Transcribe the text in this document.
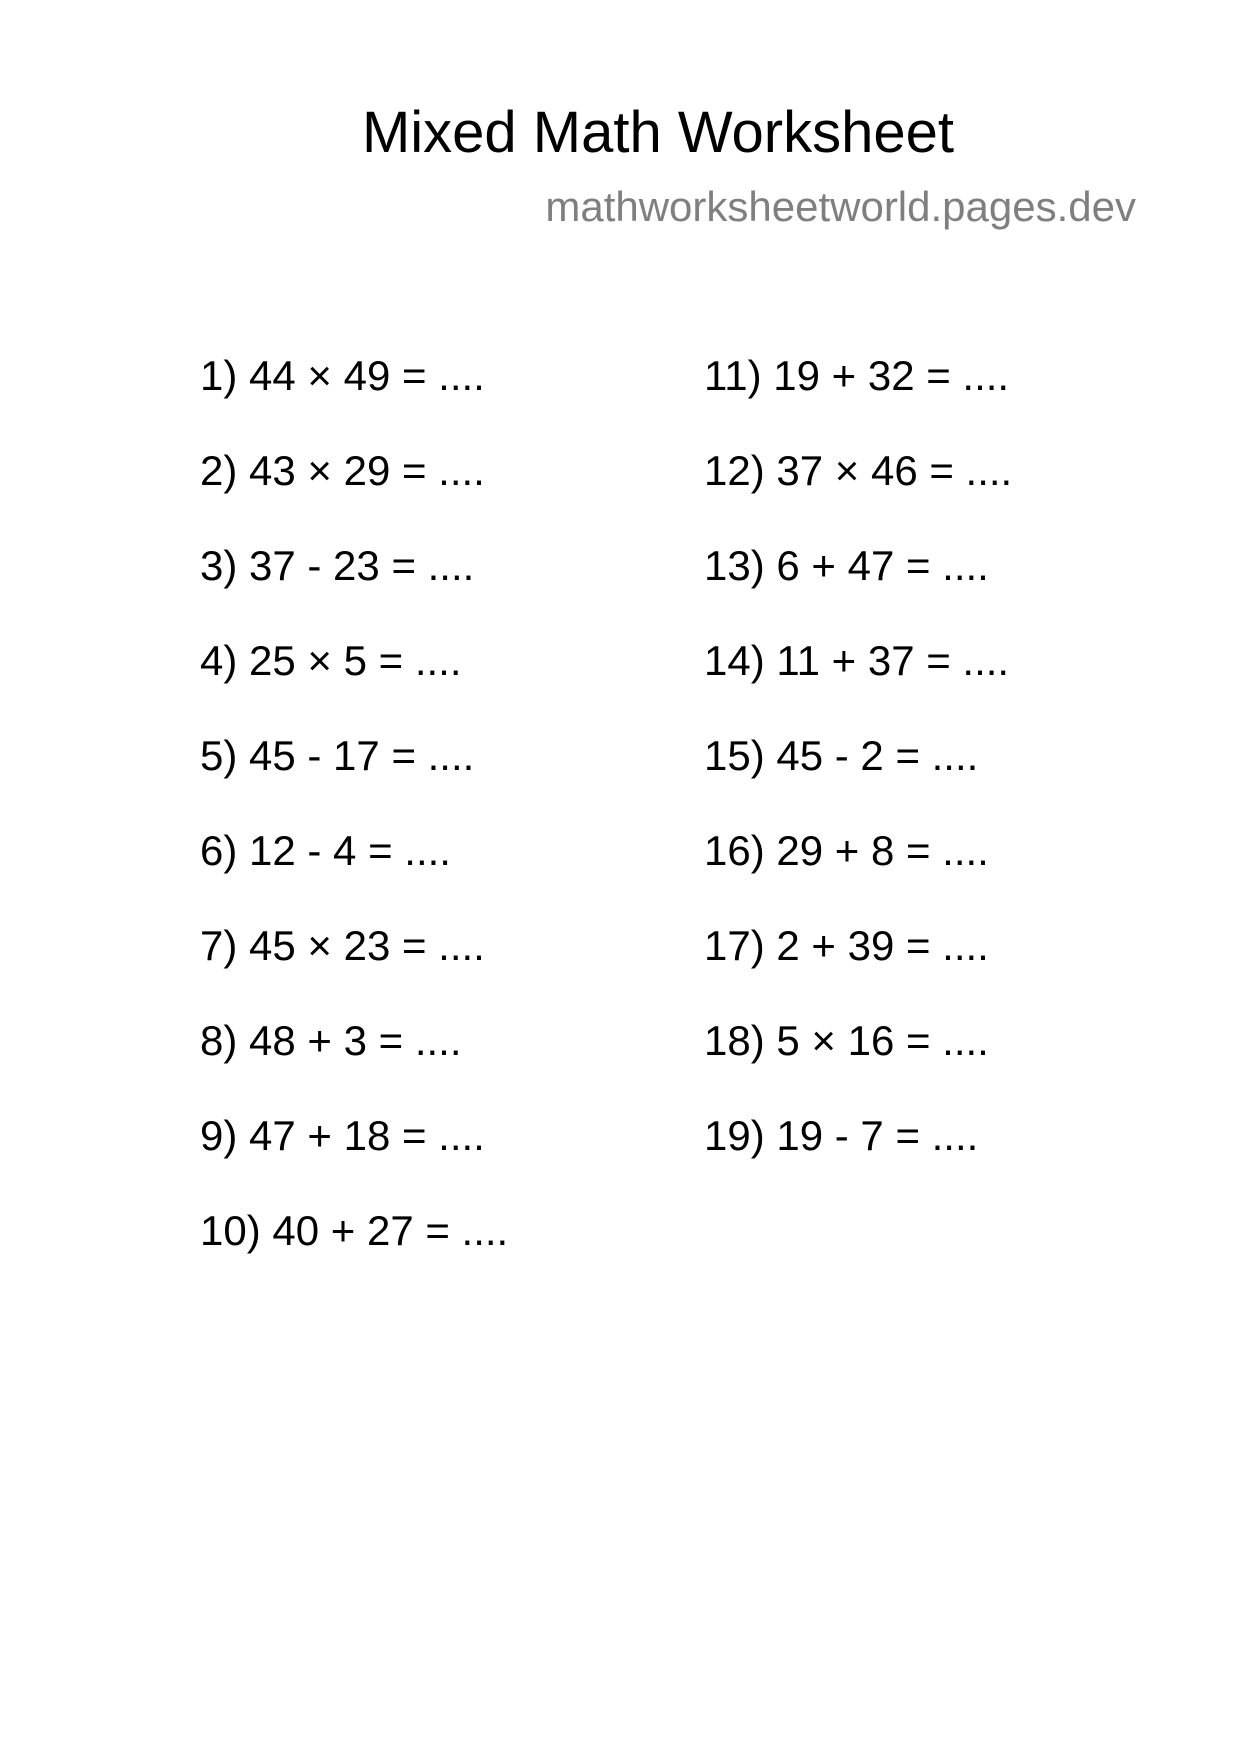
Mixed Math Worksheet
mathworksheetworld.pages.dev
1) 44 × 49 = ....
2) 43 × 29 = ....
3) 37 - 23 = ....
4) 25 × 5 = ....
5) 45 - 17 = ....
6) 12 - 4 = ....
7) 45 × 23 = ....
8) 48 + 3 = ....
9) 47 + 18 = ....
10) 40 + 27 = ....
11) 19 + 32 = ....
12) 37 × 46 = ....
13) 6 + 47 = ....
14) 11 + 37 = ....
15) 45 - 2 = ....
16) 29 + 8 = ....
17) 2 + 39 = ....
18) 5 × 16 = ....
19) 19 - 7 = ....
